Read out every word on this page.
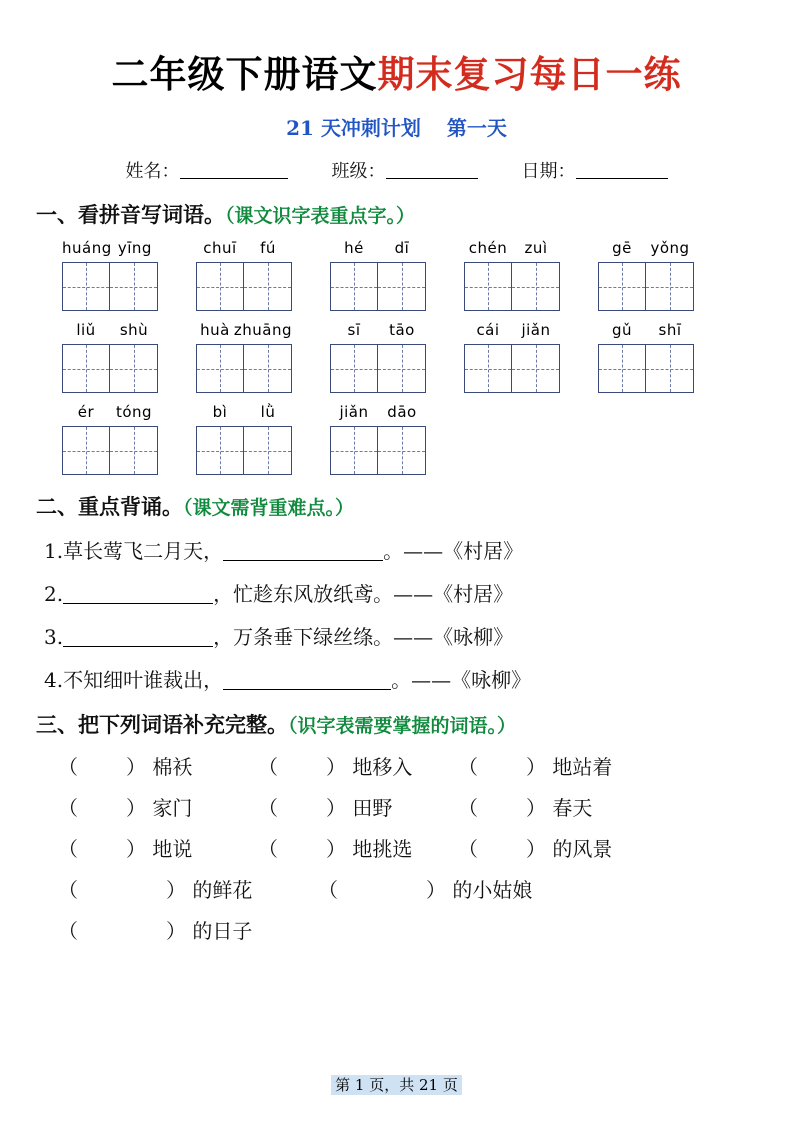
二年级下册语文期末复习每日一练
21 天冲刺计划 第一天
姓名：	班级：	日期：
一、看拼音写词语。（课文识字表重点字。）
huáng yīng	chuī	fú	hé	dī	chén	zuì	gē	yǒng
liǔ	shù	huà zhuāng	sī	tāo	cái	jiǎn	gǔ	shī
ér	tóng	bì	lǜ	jiǎn	dāo
二、重点背诵。（课文需背重难点。）
1.草长莺飞二月天，	。——《村居》
2.	，忙趁东风放纸鸢。——《村居》
3.	，万条垂下绿丝绦。——《咏柳》
4.不知细叶谁裁出，	。——《咏柳》
三、把下列词语补充完整。（识字表需要掌握的词语。）
（ ） 棉袄	（ ） 地移入	（ ） 地站着
（ ） 家门	（ ） 田野	（ ） 春天
（ ） 地说	（ ） 地挑选	（ ） 的风景
（	） 的鲜花	（	） 的小姑娘
（	） 的日子
第 1 页，共 21 页
